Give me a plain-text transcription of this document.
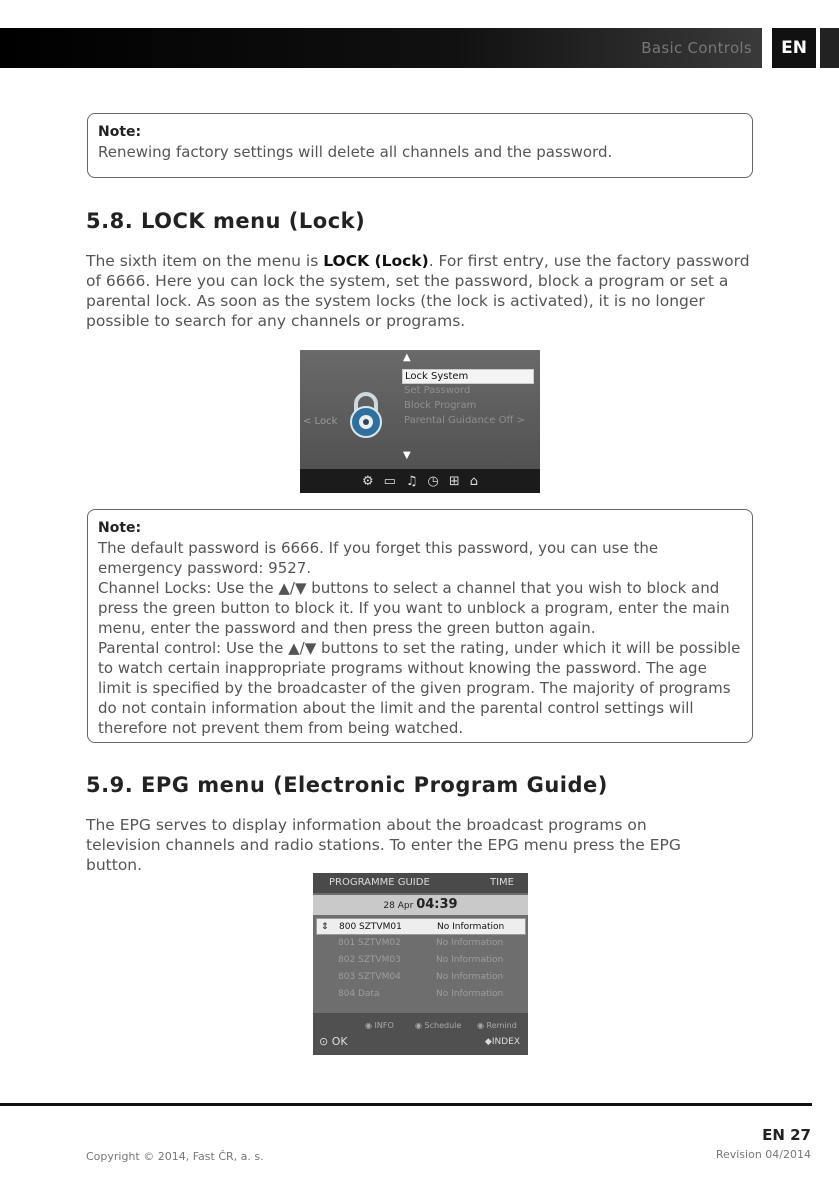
Basic Controls	EN
Note:
Renewing factory settings will delete all channels and the password.
5.8. LOCK menu (Lock)

The sixth item on the menu is LOCK (Lock). For first entry, use the factory password of 6666. Here you can lock the system, set the password, block a program or set a parental lock. As soon as the system locks (the lock is activated), it is no longer possible to search for any channels or programs.

▲
< Lock
Lock System
Set Password
Block Program
Parental Guidance Off >
▼
⚙ ▭ ♫ ◷ ⊞ ⌂
Note:
The default password is 6666. If you forget this password, you can use the emergency password: 9527.
Channel Locks: Use the ▲/▼ buttons to select a channel that you wish to block and press the green button to block it. If you want to unblock a program, enter the main menu, enter the password and then press the green button again.
Parental control: Use the ▲/▼ buttons to set the rating, under which it will be possible to watch certain inappropriate programs without knowing the password. The age limit is specified by the broadcaster of the given program. The majority of programs do not contain information about the limit and the parental control settings will therefore not prevent them from being watched.
5.9. EPG menu (Electronic Program Guide)

The EPG serves to display information about the broadcast programs on television channels and radio stations. To enter the EPG menu press the EPG button.

PROGRAMME GUIDE	TIME
28 Apr 04:39
⇕ 800 SZTVM01	No Information
801 SZTVM02	No Information
802 SZTVM03	No Information
803 SZTVM04	No Information
804 Data	No Information
◉ INFO	◉ Schedule ◉ Remind
⊙ OK	◆INDEX
EN 27
Revision 04/2014
Copyright © 2014, Fast ČR, a. s.
